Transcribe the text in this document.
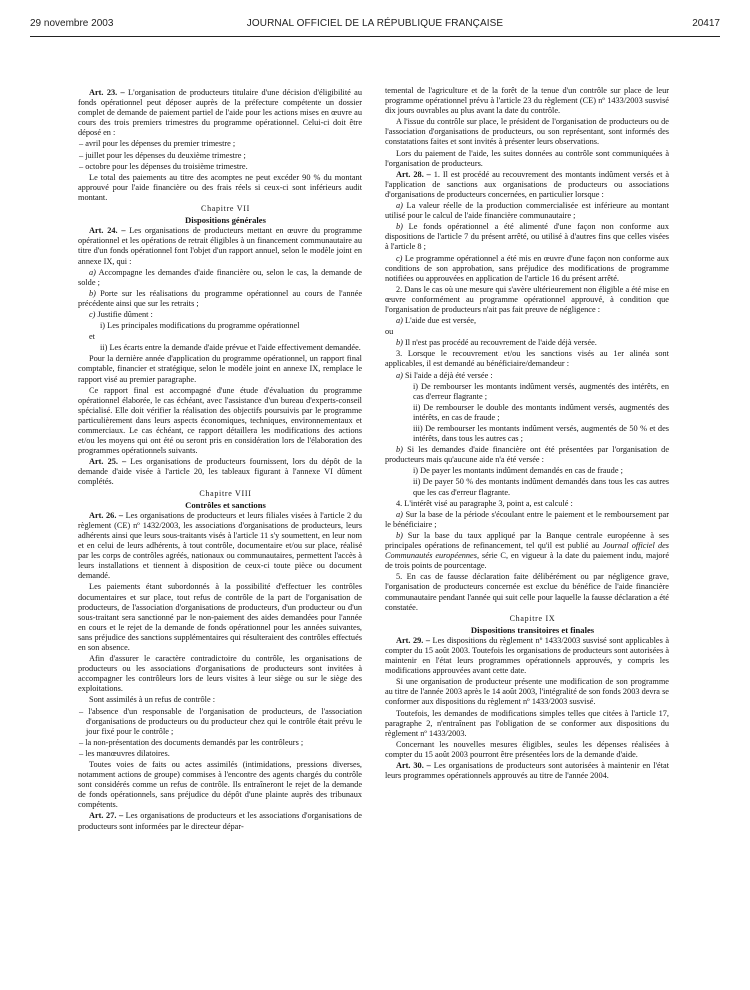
29 novembre 2003	JOURNAL OFFICIEL DE LA RÉPUBLIQUE FRANÇAISE	20417

Art. 23. – L'organisation de producteurs titulaire d'une décision d'éligibilité au fonds opérationnel peut déposer auprès de la préfecture compétente un dossier complet de demande de paiement partiel de l'aide pour les actions mises en œuvre au cours des trois premiers trimestres du programme opérationnel. Celui-ci doit être déposé en :

– avril pour les dépenses du premier trimestre ;

– juillet pour les dépenses du deuxième trimestre ;

– octobre pour les dépenses du troisième trimestre.

Le total des paiements au titre des acomptes ne peut excéder 90 % du montant approuvé pour l'aide financière ou des frais réels si ceux-ci sont inférieurs audit montant.

Chapitre VII

Dispositions générales

Art. 24. – Les organisations de producteurs mettant en œuvre du programme opérationnel et les opérations de retrait éligibles à un financement communautaire au titre d'un fonds opérationnel font l'objet d'un rapport annuel, selon le modèle joint en annexe IX, qui :

a) Accompagne les demandes d'aide financière ou, selon le cas, la demande de solde ;

b) Porte sur les réalisations du programme opérationnel au cours de l'année précédente ainsi que sur les retraits ;

c) Justifie dûment :

i) Les principales modifications du programme opérationnel

et

ii) Les écarts entre la demande d'aide prévue et l'aide effectivement demandée.

Pour la dernière année d'application du programme opérationnel, un rapport final comptable, financier et stratégique, selon le modèle joint en annexe IX, remplace le rapport visé au premier paragraphe.

Ce rapport final est accompagné d'une étude d'évaluation du programme opérationnel élaborée, le cas échéant, avec l'assistance d'un bureau d'experts-conseil spécialisé. Elle doit vérifier la réalisation des objectifs poursuivis par le programme particulièrement dans leurs aspects économiques, techniques, environnementaux et commerciaux. Le cas échéant, ce rapport détaillera les modifications des actions et/ou les moyens qui ont été ou seront pris en considération lors de l'élaboration des programmes opérationnels suivants.

Art. 25. – Les organisations de producteurs fournissent, lors du dépôt de la demande d'aide visée à l'article 20, les tableaux figurant à l'annexe VI dûment complétés.

Chapitre VIII

Contrôles et sanctions

Art. 26. – Les organisations de producteurs et leurs filiales visées à l'article 2 du règlement (CE) nº 1432/2003, les associations d'organisations de producteurs, leurs adhérents ainsi que leurs sous-traitants visés à l'article 11 s'y soumettent, en leur nom et en celui de leurs adhérents, à tout contrôle, documentaire et/ou sur place, réalisé par les corps de contrôles agréés, nationaux ou communautaires, permettent l'accès à leurs installations et tiennent à disposition de ceux-ci toute pièce ou document demandé.

Les paiements étant subordonnés à la possibilité d'effectuer les contrôles documentaires et sur place, tout refus de contrôle de la part de l'organisation de producteurs, de l'association d'organisations de producteurs, d'un producteur ou d'un sous-traitant sera sanctionné par le non-paiement des aides demandées pour l'année en cours et le rejet de la demande de fonds opérationnel pour les années suivantes, sans préjudice des sanctions supplémentaires qui résulteraient des contrôles effectués en son absence.

Afin d'assurer le caractère contradictoire du contrôle, les organisations de producteurs ou les associations d'organisations de producteurs sont invitées à accompagner les contrôleurs lors de leurs visites à leur siège ou sur le siège des exploitations.

Sont assimilés à un refus de contrôle :

– l'absence d'un responsable de l'organisation de producteurs, de l'association d'organisations de producteurs ou du producteur chez qui le contrôle était prévu le jour fixé pour le contrôle ;

– la non-présentation des documents demandés par les contrôleurs ;

– les manœuvres dilatoires.

Toutes voies de faits ou actes assimilés (intimidations, pressions diverses, notamment actions de groupe) commises à l'encontre des agents chargés du contrôle sont considérés comme un refus de contrôle. Ils entraîneront le rejet de la demande de fonds opérationnels, sans préjudice du dépôt d'une plainte auprès des tribunaux compétents.

Art. 27. – Les organisations de producteurs et les associations d'organisations de producteurs sont informées par le directeur dépar-

temental de l'agriculture et de la forêt de la tenue d'un contrôle sur place de leur programme opérationnel prévu à l'article 23 du règlement (CE) nº 1433/2003 susvisé dix jours ouvrables au plus avant la date du contrôle.

A l'issue du contrôle sur place, le président de l'organisation de producteurs ou de l'association d'organisations de producteurs, ou son représentant, sont informés des constatations faites et sont invités à présenter leurs observations.

Lors du paiement de l'aide, les suites données au contrôle sont communiquées à l'organisation de producteurs.

Art. 28. – 1. Il est procédé au recouvrement des montants indûment versés et à l'application de sanctions aux organisations de producteurs ou associations d'organisations de producteurs concernées, en particulier lorsque :

a) La valeur réelle de la production commercialisée est inférieure au montant utilisé pour le calcul de l'aide financière communautaire ;

b) Le fonds opérationnel a été alimenté d'une façon non conforme aux dispositions de l'article 7 du présent arrêté, ou utilisé à d'autres fins que celles visées à l'article 8 ;

c) Le programme opérationnel a été mis en œuvre d'une façon non conforme aux conditions de son approbation, sans préjudice des modifications de programme notifiées ou approuvées en application de l'article 16 du présent arrêté.

2. Dans le cas où une mesure qui s'avère ultérieurement non éligible a été mise en œuvre conformément au programme opérationnel approuvé, à condition que l'organisation de producteurs n'ait pas fait preuve de négligence :

a) L'aide due est versée,

ou

b) Il n'est pas procédé au recouvrement de l'aide déjà versée.

3. Lorsque le recouvrement et/ou les sanctions visés au 1er alinéa sont applicables, il est demandé au bénéficiaire/demandeur :

a) Si l'aide a déjà été versée :

i) De rembourser les montants indûment versés, augmentés des intérêts, en cas d'erreur flagrante ;

ii) De rembourser le double des montants indûment versés, augmentés des intérêts, en cas de fraude ;

iii) De rembourser les montants indûment versés, augmentés de 50 % et des intérêts, dans tous les autres cas ;

b) Si les demandes d'aide financière ont été présentées par l'organisation de producteurs mais qu'aucune aide n'a été versée :

i) De payer les montants indûment demandés en cas de fraude ;

ii) De payer 50 % des montants indûment demandés dans tous les cas autres que les cas d'erreur flagrante.

4. L'intérêt visé au paragraphe 3, point a, est calculé :

a) Sur la base de la période s'écoulant entre le paiement et le remboursement par le bénéficiaire ;

b) Sur la base du taux appliqué par la Banque centrale européenne à ses principales opérations de refinancement, tel qu'il est publié au Journal officiel des Communautés européennes, série C, en vigueur à la date du paiement indu, majoré de trois points de pourcentage.

5. En cas de fausse déclaration faite délibérément ou par négligence grave, l'organisation de producteurs concernée est exclue du bénéfice de l'aide financière communautaire pendant l'année qui suit celle pour laquelle la fausse déclaration a été constatée.

Chapitre IX

Dispositions transitoires et finales

Art. 29. – Les dispositions du règlement nº 1433/2003 susvisé sont applicables à compter du 15 août 2003. Toutefois les organisations de producteurs sont autorisées à maintenir en l'état leurs programmes opérationnels approuvés, y compris les modifications approuvées avant cette date.

Si une organisation de producteur présente une modification de son programme au titre de l'année 2003 après le 14 août 2003, l'intégralité de son fonds 2003 devra se conformer aux dispositions du règlement nº 1433/2003 susvisé.

Toutefois, les demandes de modifications simples telles que citées à l'article 17, paragraphe 2, n'entraînent pas l'obligation de se conformer aux dispositions du règlement nº 1433/2003.

Concernant les nouvelles mesures éligibles, seules les dépenses réalisées à compter du 15 août 2003 pourront être présentées lors de la demande d'aide.

Art. 30. – Les organisations de producteurs sont autorisées à maintenir en l'état leurs programmes opérationnels approuvés au titre de l'année 2004.
